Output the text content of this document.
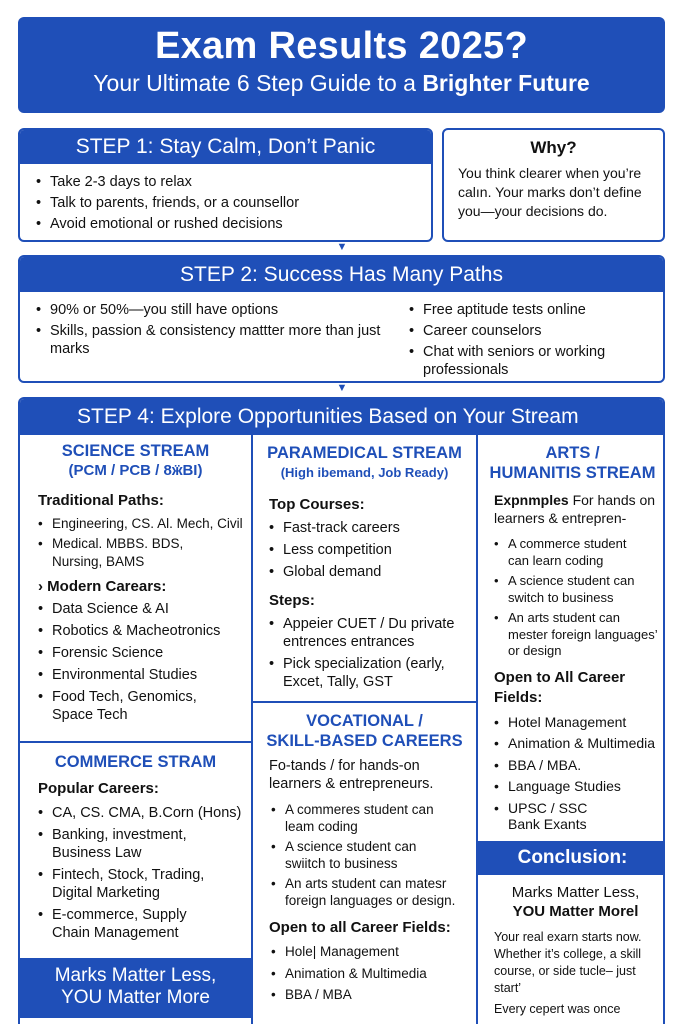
Exam Results 2025?
Your Ultimate 6 Step Guide to a Brighter Future
STEP 1: Stay Calm, Don’t Panic
• Take 2-3 days to relax
• Talk to parents, friends, or a counsellor
• Avoid emotional or rushed decisions
Why?
You think clearer when you’re calın. Your marks don’t define you—your decisions do.
▼
STEP 2: Success Has Many Paths
• 90% or 50%—you still have options
• Skills, passion & consistency mattter more than just marks
• Free aptitude tests online
• Career counselors
• Chat with seniors or working professionals
▼
STEP 4: Explore Opportunities Based on Your Stream
SCIENCE STREAM
(PCM / PCB / 8ӝBI)
Traditional Paths:
• Engineering, CS. Al. Mech, Civil
• Medical. MBBS. BDS, Nursing, BAMS
› Modern Carears:
• Data Science & AI
• Robotics & Macheotronics
• Forensic Science
• Environmental Studies
• Food Tech, Genomics, Space Tech
COMMERCE STRAM
Popular Careers:
• CA, CS. CMA, B.Corn (Hons)
• Banking, investment, Business Law
• Fintech, Stock, Trading, Digital Marketing
• E-commerce, Supply Chain Management
Marks Matter Less,
YOU Matter More
PARAMEDICAL STREAM
(High ibemand, Job Ready)
Top Courses:
• Fast-track careers
• Less competition
• Global demand
Steps:
• Appeier CUET / Du private entrences entrances
• Pick specialization (early, Excet, Tally, GST
VOCATIONAL /
SKILL-BASED CAREERS
Fo-tands / for hands-on learners & entrepreneurs.
• A commeres student can leam coding
• A science student can swiitch to business
• An arts student can matesr foreign languages or design.
Open to all Career Fields:
• Hole| Management
• Animation & Multimedia
• BBA / MBA
ARTS /
HUMANITIS STREAM
Expnmples For hands on learners & entrepren-
• A commerce student can learn coding
• A science student can switch to business
• An arts student can mester foreign languages’ or design
Open to All Career Fields:
• Hotel Management
• Animation & Multimedia
• BBA / MBA.
• Language Studies
• UPSC / SSC Bank Exants
Conclusion:
Marks Matter Less,
YOU Matter Morel
Your real exarn starts now. Whether it’s college, a skill course, or side tucle– just start’
Every cepert was once
